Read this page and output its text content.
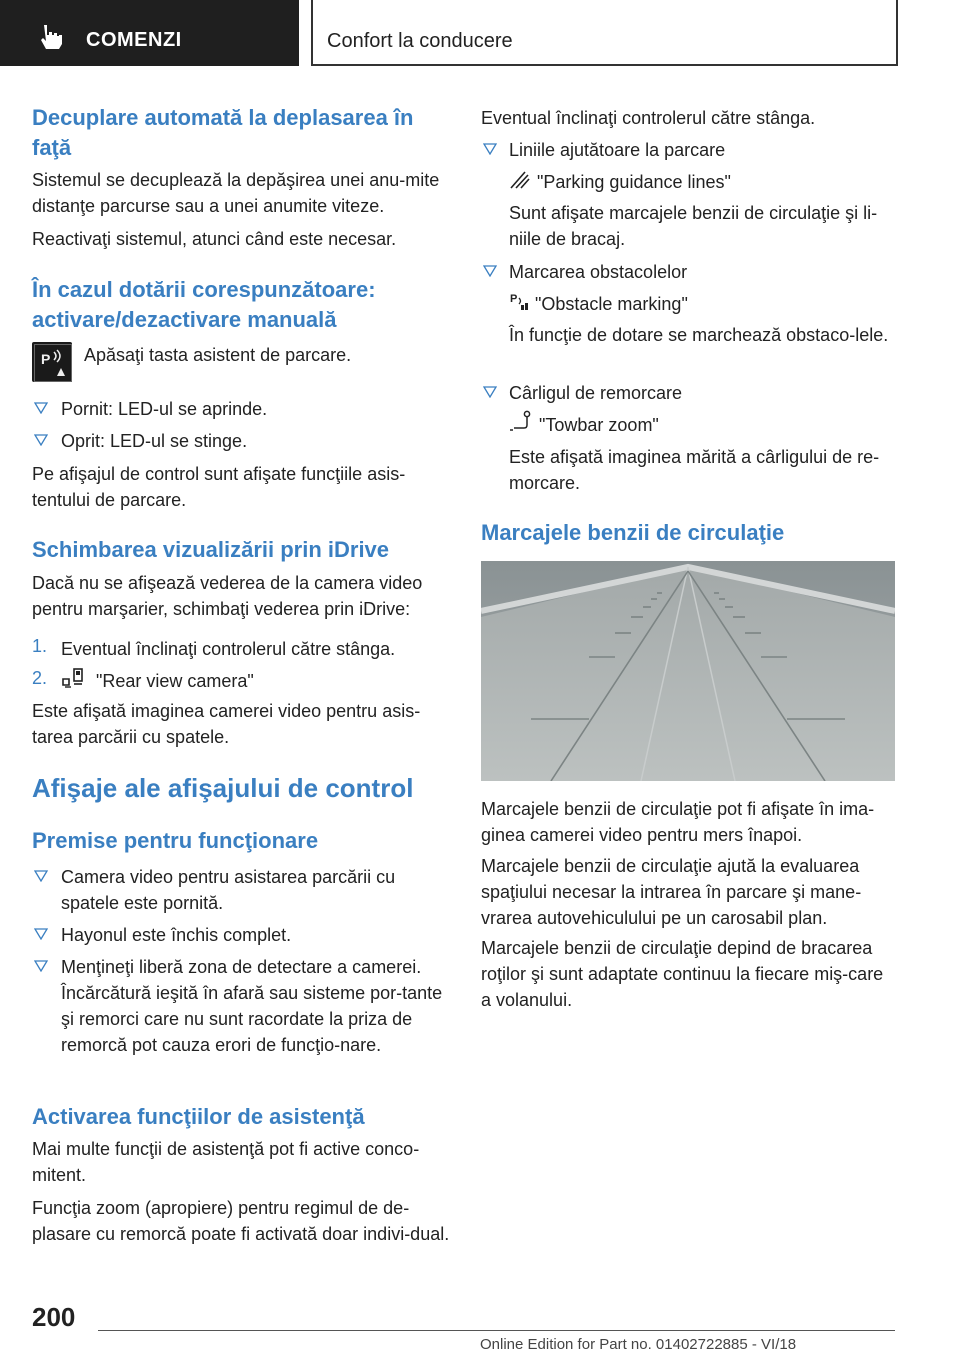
COMENZI	Confort la conducere
Decuplare automată la deplasarea în faţă
Sistemul se decuplează la depăşirea unei anu-mite distanţe parcurse sau a unei anumite viteze.
Reactivaţi sistemul, atunci când este necesar.
În cazul dotării corespunzătoare: activare/dezactivare manuală
P Apăsaţi tasta asistent de parcare.
Pornit: LED-ul se aprinde.
Oprit: LED-ul se stinge.
Pe afişajul de control sunt afişate funcţiile asis-tentului de parcare.
Schimbarea vizualizării prin iDrive
Dacă nu se afişează vederea de la camera video pentru marşarier, schimbaţi vederea prin iDrive:
1. Eventual înclinaţi controlerul către stânga.
2.	"Rear view camera"
Este afişată imaginea camerei video pentru asis-tarea parcării cu spatele.
Afişaje ale afişajului de control
Premise pentru funcţionare
Camera video pentru asistarea parcării cu spatele este pornită.
Hayonul este închis complet.
Menţineţi liberă zona de detectare a camerei. Încărcătură ieşită în afară sau sisteme por-tante şi remorci care nu sunt racordate la priza de remorcă pot cauza erori de funcţio-nare.
Activarea funcţiilor de asistenţă
Mai multe funcţii de asistenţă pot fi active conco-mitent.
Funcţia zoom (apropiere) pentru regimul de de-plasare cu remorcă poate fi activată doar indivi-dual.
Eventual înclinaţi controlerul către stânga.
Liniile ajutătoare la parcare
"Parking guidance lines"
Sunt afişate marcajele benzii de circulaţie şi li-niile de bracaj.
Marcarea obstacolelor
P "Obstacle marking"
În funcţie de dotare se marchează obstaco-lele.
Cârligul de remorcare
"Towbar zoom"
Este afişată imaginea mărită a cârligului de re-morcare.
Marcajele benzii de circulaţie
Marcajele benzii de circulaţie pot fi afişate în ima-ginea camerei video pentru mers înapoi.
Marcajele benzii de circulaţie ajută la evaluarea spaţiului necesar la intrarea în parcare şi mane-vrarea autovehiculului pe un carosabil plan.
Marcajele benzii de circulaţie depind de bracarea roţilor şi sunt adaptate continuu la fiecare miş-care a volanului.
200
Online Edition for Part no. 01402722885 - VI/18
